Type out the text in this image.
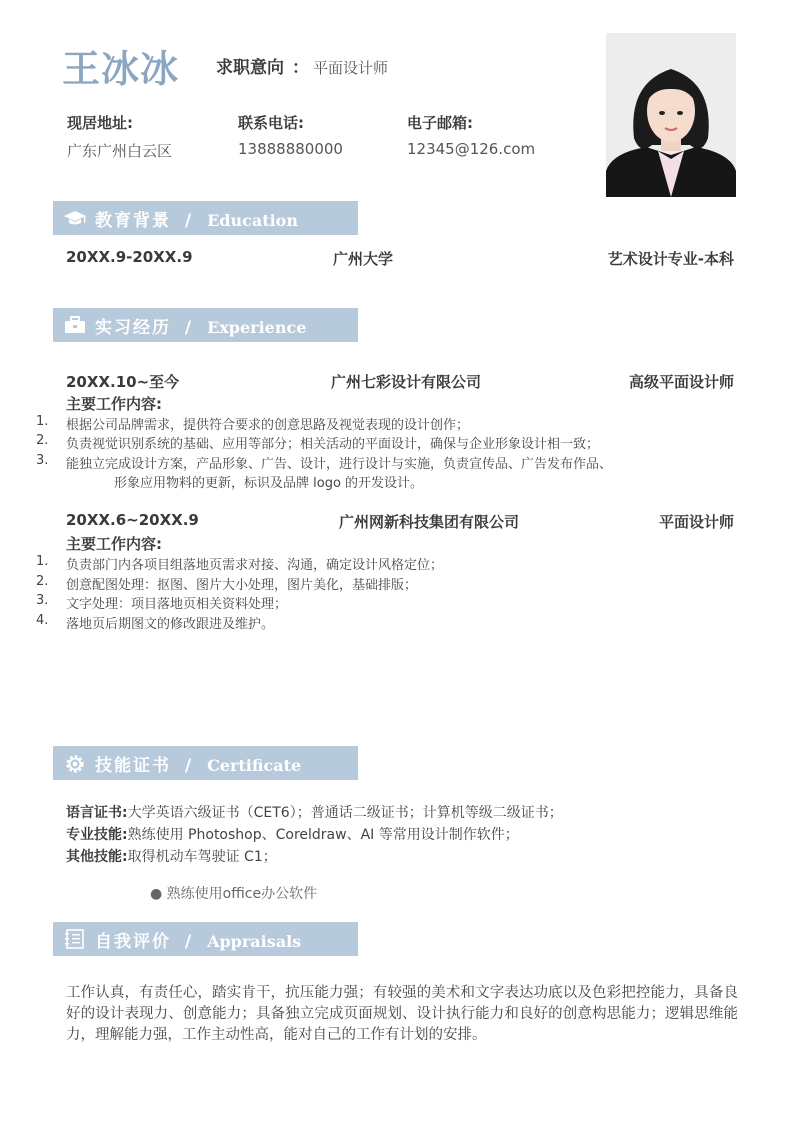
王冰冰 求职意向 ： 平面设计师
现居地址:
广东广州白云区
联系电话:
13888880000
电子邮箱:
12345@126.com
教育背景 / Education
20XX.9-20XX.9	广州大学	艺术设计专业-本科
实习经历 / Experience
20XX.10~至今	广州七彩设计有限公司	高级平面设计师
主要工作内容:
1. 根据公司品牌需求，提供符合要求的创意思路及视觉表现的设计创作；
2. 负责视觉识别系统的基础、应用等部分；相关活动的平面设计，确保与企业形象设计相一致；
3. 能独立完成设计方案，产品形象、广告、设计，进行设计与实施，负责宣传品、广告发布作品、
形象应用物料的更新，标识及品牌 logo 的开发设计。
20XX.6~20XX.9	广州网新科技集团有限公司	平面设计师
主要工作内容:
1. 负责部门内各项目组落地页需求对接、沟通，确定设计风格定位；
2. 创意配图处理：抠图、图片大小处理，图片美化，基础排版；
3. 文字处理：项目落地页相关资料处理；
4. 落地页后期图文的修改跟进及维护。
技能证书 / Certificate
语言证书:大学英语六级证书（CET6）；普通话二级证书；计算机等级二级证书；
专业技能:熟练使用 Photoshop、Coreldraw、AI 等常用设计制作软件；
其他技能:取得机动车驾驶证 C1；
● 熟练使用office办公软件
自我评价 / Appraisals
工作认真，有责任心，踏实肯干，抗压能力强；有较强的美术和文字表达功底以及色彩把控能力，具备良好的设计表现力、创意能力；具备独立完成页面规划、设计执行能力和良好的创意构思能力；逻辑思维能力，理解能力强，工作主动性高，能对自己的工作有计划的安排。
